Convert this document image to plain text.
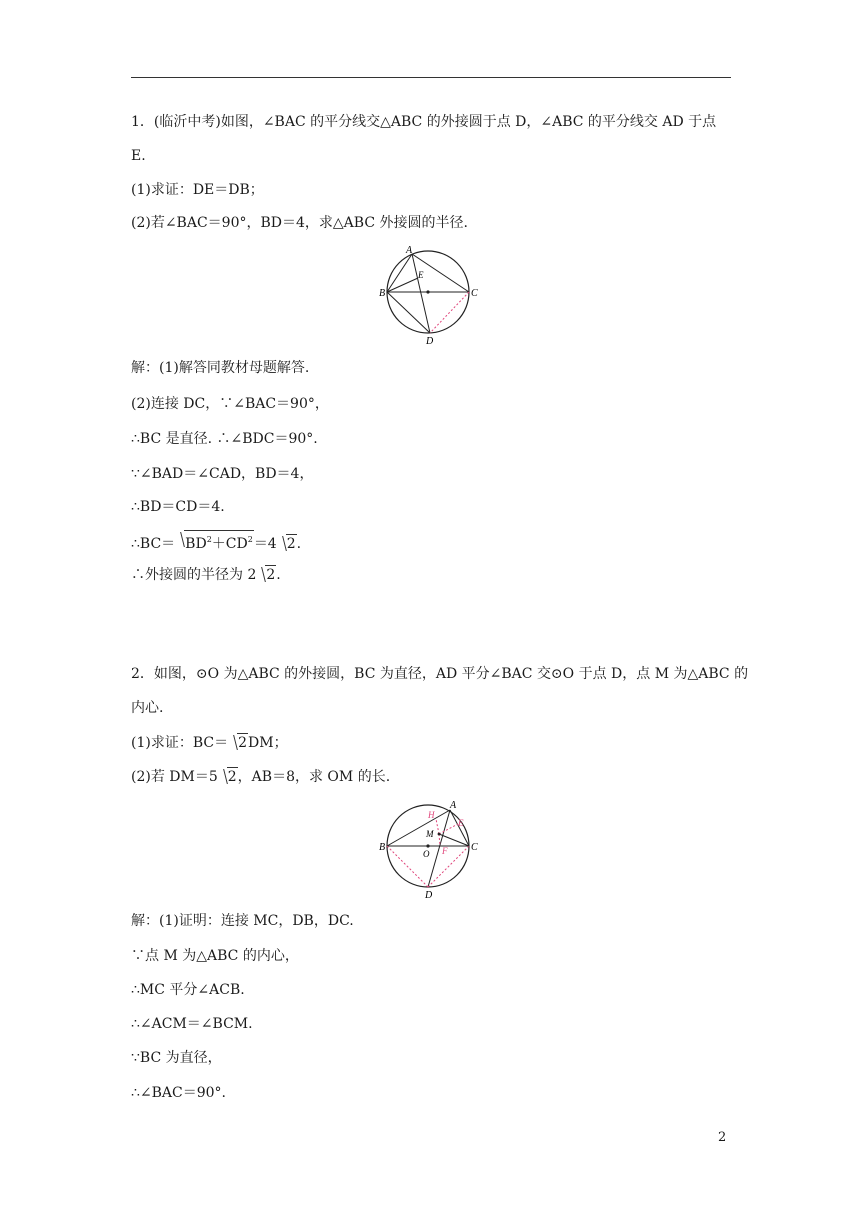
1．(临沂中考)如图，∠BAC 的平分线交△ABC 的外接圆于点 D，∠ABC 的平分线交 AD 于点
E.
(1)求证：DE＝DB；
(2)若∠BAC＝90°，BD＝4，求△ABC 外接圆的半径.
A
B	C
D
E
解：(1)解答同教材母题解答.
(2)连接 DC，∵∠BAC＝90°，
∴BC 是直径. ∴∠BDC＝90°.
∵∠BAD＝∠CAD，BD＝4，
∴BD＝CD＝4.
∴BC＝ $BD^2+CD^2=4$ 2.
∴外接圆的半径为 2 2.
2．如图，⊙O 为△ABC 的外接圆，BC 为直径，AD 平分∠BAC 交⊙O 于点 D，点 M 为△ABC 的
内心.
(1)求证：BC＝ 2DM；
(2)若 DM＝5 2，AB＝8，求 OM 的长.
A
B	C
D
M
O
H
F
E
解：(1)证明：连接 MC，DB，DC.
∵点 M 为△ABC 的内心，
∴MC 平分∠ACB.
∴∠ACM＝∠BCM.
∵BC 为直径，
∴∠BAC＝90°.
2
